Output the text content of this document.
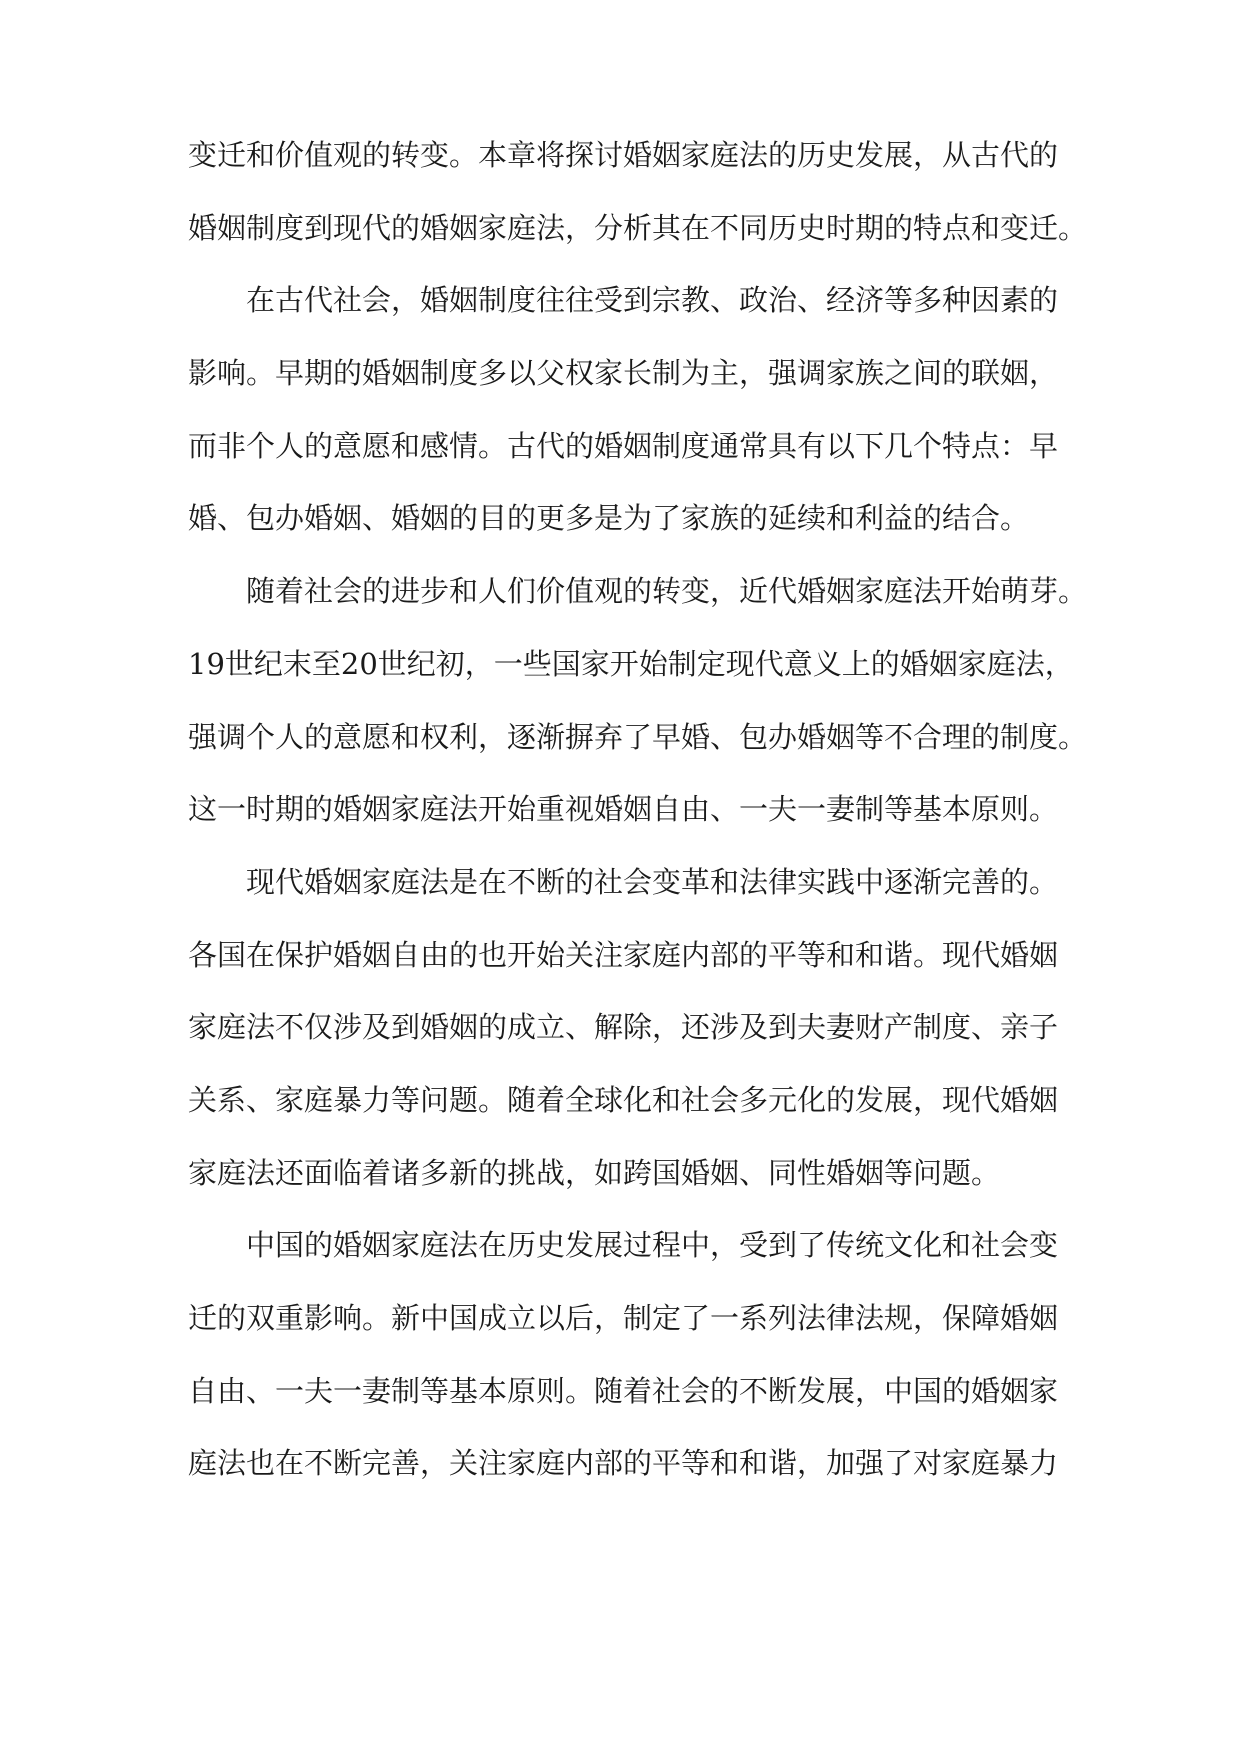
变迁和价值观的转变。本章将探讨婚姻家庭法的历史发展，从古代的
婚姻制度到现代的婚姻家庭法，分析其在不同历史时期的特点和变迁。
在古代社会，婚姻制度往往受到宗教、政治、经济等多种因素的
影响。早期的婚姻制度多以父权家长制为主，强调家族之间的联姻，
而非个人的意愿和感情。古代的婚姻制度通常具有以下几个特点：早
婚、包办婚姻、婚姻的目的更多是为了家族的延续和利益的结合。
随着社会的进步和人们价值观的转变，近代婚姻家庭法开始萌芽。
19世纪末至20世纪初，一些国家开始制定现代意义上的婚姻家庭法，
强调个人的意愿和权利，逐渐摒弃了早婚、包办婚姻等不合理的制度。
这一时期的婚姻家庭法开始重视婚姻自由、一夫一妻制等基本原则。
现代婚姻家庭法是在不断的社会变革和法律实践中逐渐完善的。
各国在保护婚姻自由的也开始关注家庭内部的平等和和谐。现代婚姻
家庭法不仅涉及到婚姻的成立、解除，还涉及到夫妻财产制度、亲子
关系、家庭暴力等问题。随着全球化和社会多元化的发展，现代婚姻
家庭法还面临着诸多新的挑战，如跨国婚姻、同性婚姻等问题。
中国的婚姻家庭法在历史发展过程中，受到了传统文化和社会变
迁的双重影响。新中国成立以后，制定了一系列法律法规，保障婚姻
自由、一夫一妻制等基本原则。随着社会的不断发展，中国的婚姻家
庭法也在不断完善，关注家庭内部的平等和和谐，加强了对家庭暴力
